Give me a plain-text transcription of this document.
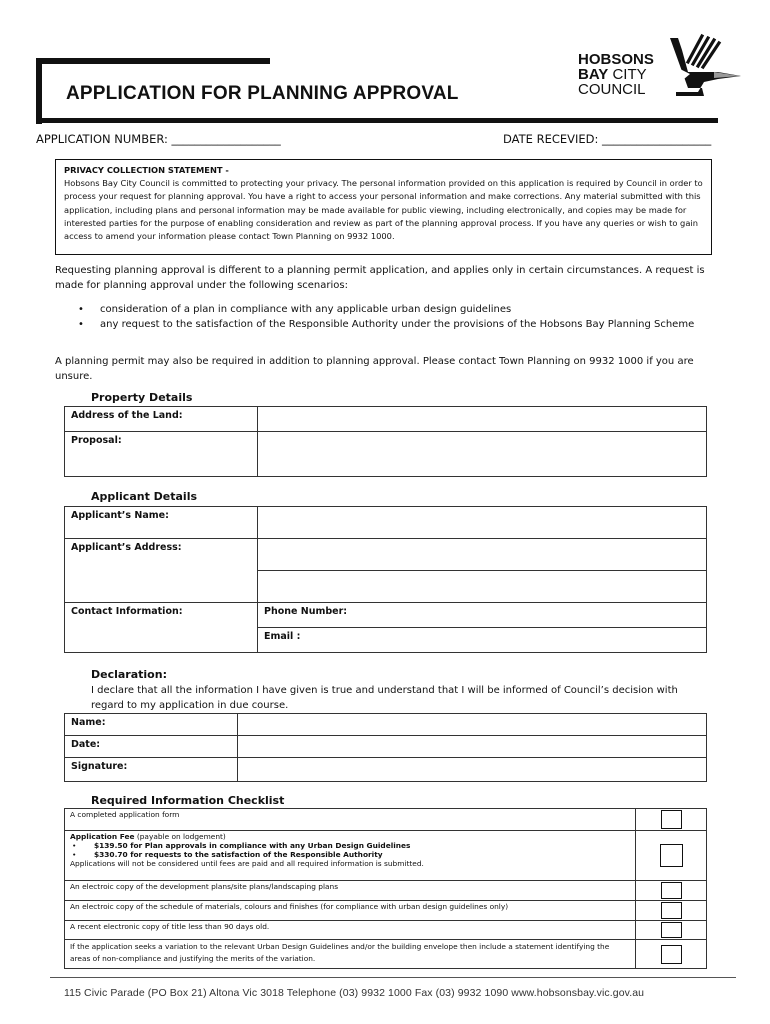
APPLICATION FOR PLANNING APPROVAL
HOBSONS
BAY CITY
COUNCIL
APPLICATION NUMBER: ___________________	DATE RECEVIED: ___________________
PRIVACY COLLECTION STATEMENT -
Hobsons Bay City Council is committed to protecting your privacy. The personal information provided on this application is required by Council in order to process your request for planning approval. You have a right to access your personal information and make corrections. Any material submitted with this application, including plans and personal information may be made available for public viewing, including electronically, and copies may be made for interested parties for the purpose of enabling consideration and review as part of the planning approval process. If you have any queries or wish to gain access to amend your information please contact Town Planning on 9932 1000.
Requesting planning approval is different to a planning permit application, and applies only in certain circumstances. A request is made for planning approval under the following scenarios:
• consideration of a plan in compliance with any applicable urban design guidelines
• any request to the satisfaction of the Responsible Authority under the provisions of the Hobsons Bay Planning Scheme
A planning permit may also be required in addition to planning approval. Please contact Town Planning on 9932 1000 if you are unsure.
Property Details
Address of the Land:	
Proposal:	
Applicant Details
Applicant’s Name:	
Applicant’s Address:	

Contact Information:	Phone Number:
	Email :
Declaration:
I declare that all the information I have given is true and understand that I will be informed of Council’s decision with regard to my application in due course.
Name:	
Date:	
Signature:	
Required Information Checklist
A completed application form	

Application Fee (payable on lodgement)
• $139.50 for Plan approvals in compliance with any Urban Design Guidelines
• $330.70 for requests to the satisfaction of the Responsible Authority
Applications will not be considered until fees are paid and all required information is submitted.

An electroic copy of the development plans/site plans/landscaping plans	

An electroic copy of the schedule of materials, colours and finishes (for compliance with urban design guidelines only)	

A recent electronic copy of title less than 90 days old.	

If the application seeks a variation to the relevant Urban Design Guidelines and/or the building envelope then include a statement identifying the areas of non-compliance and justifying the merits of the variation.	
115 Civic Parade (PO Box 21) Altona Vic 3018 Telephone (03) 9932 1000 Fax (03) 9932 1090 www.hobsonsbay.vic.gov.au
